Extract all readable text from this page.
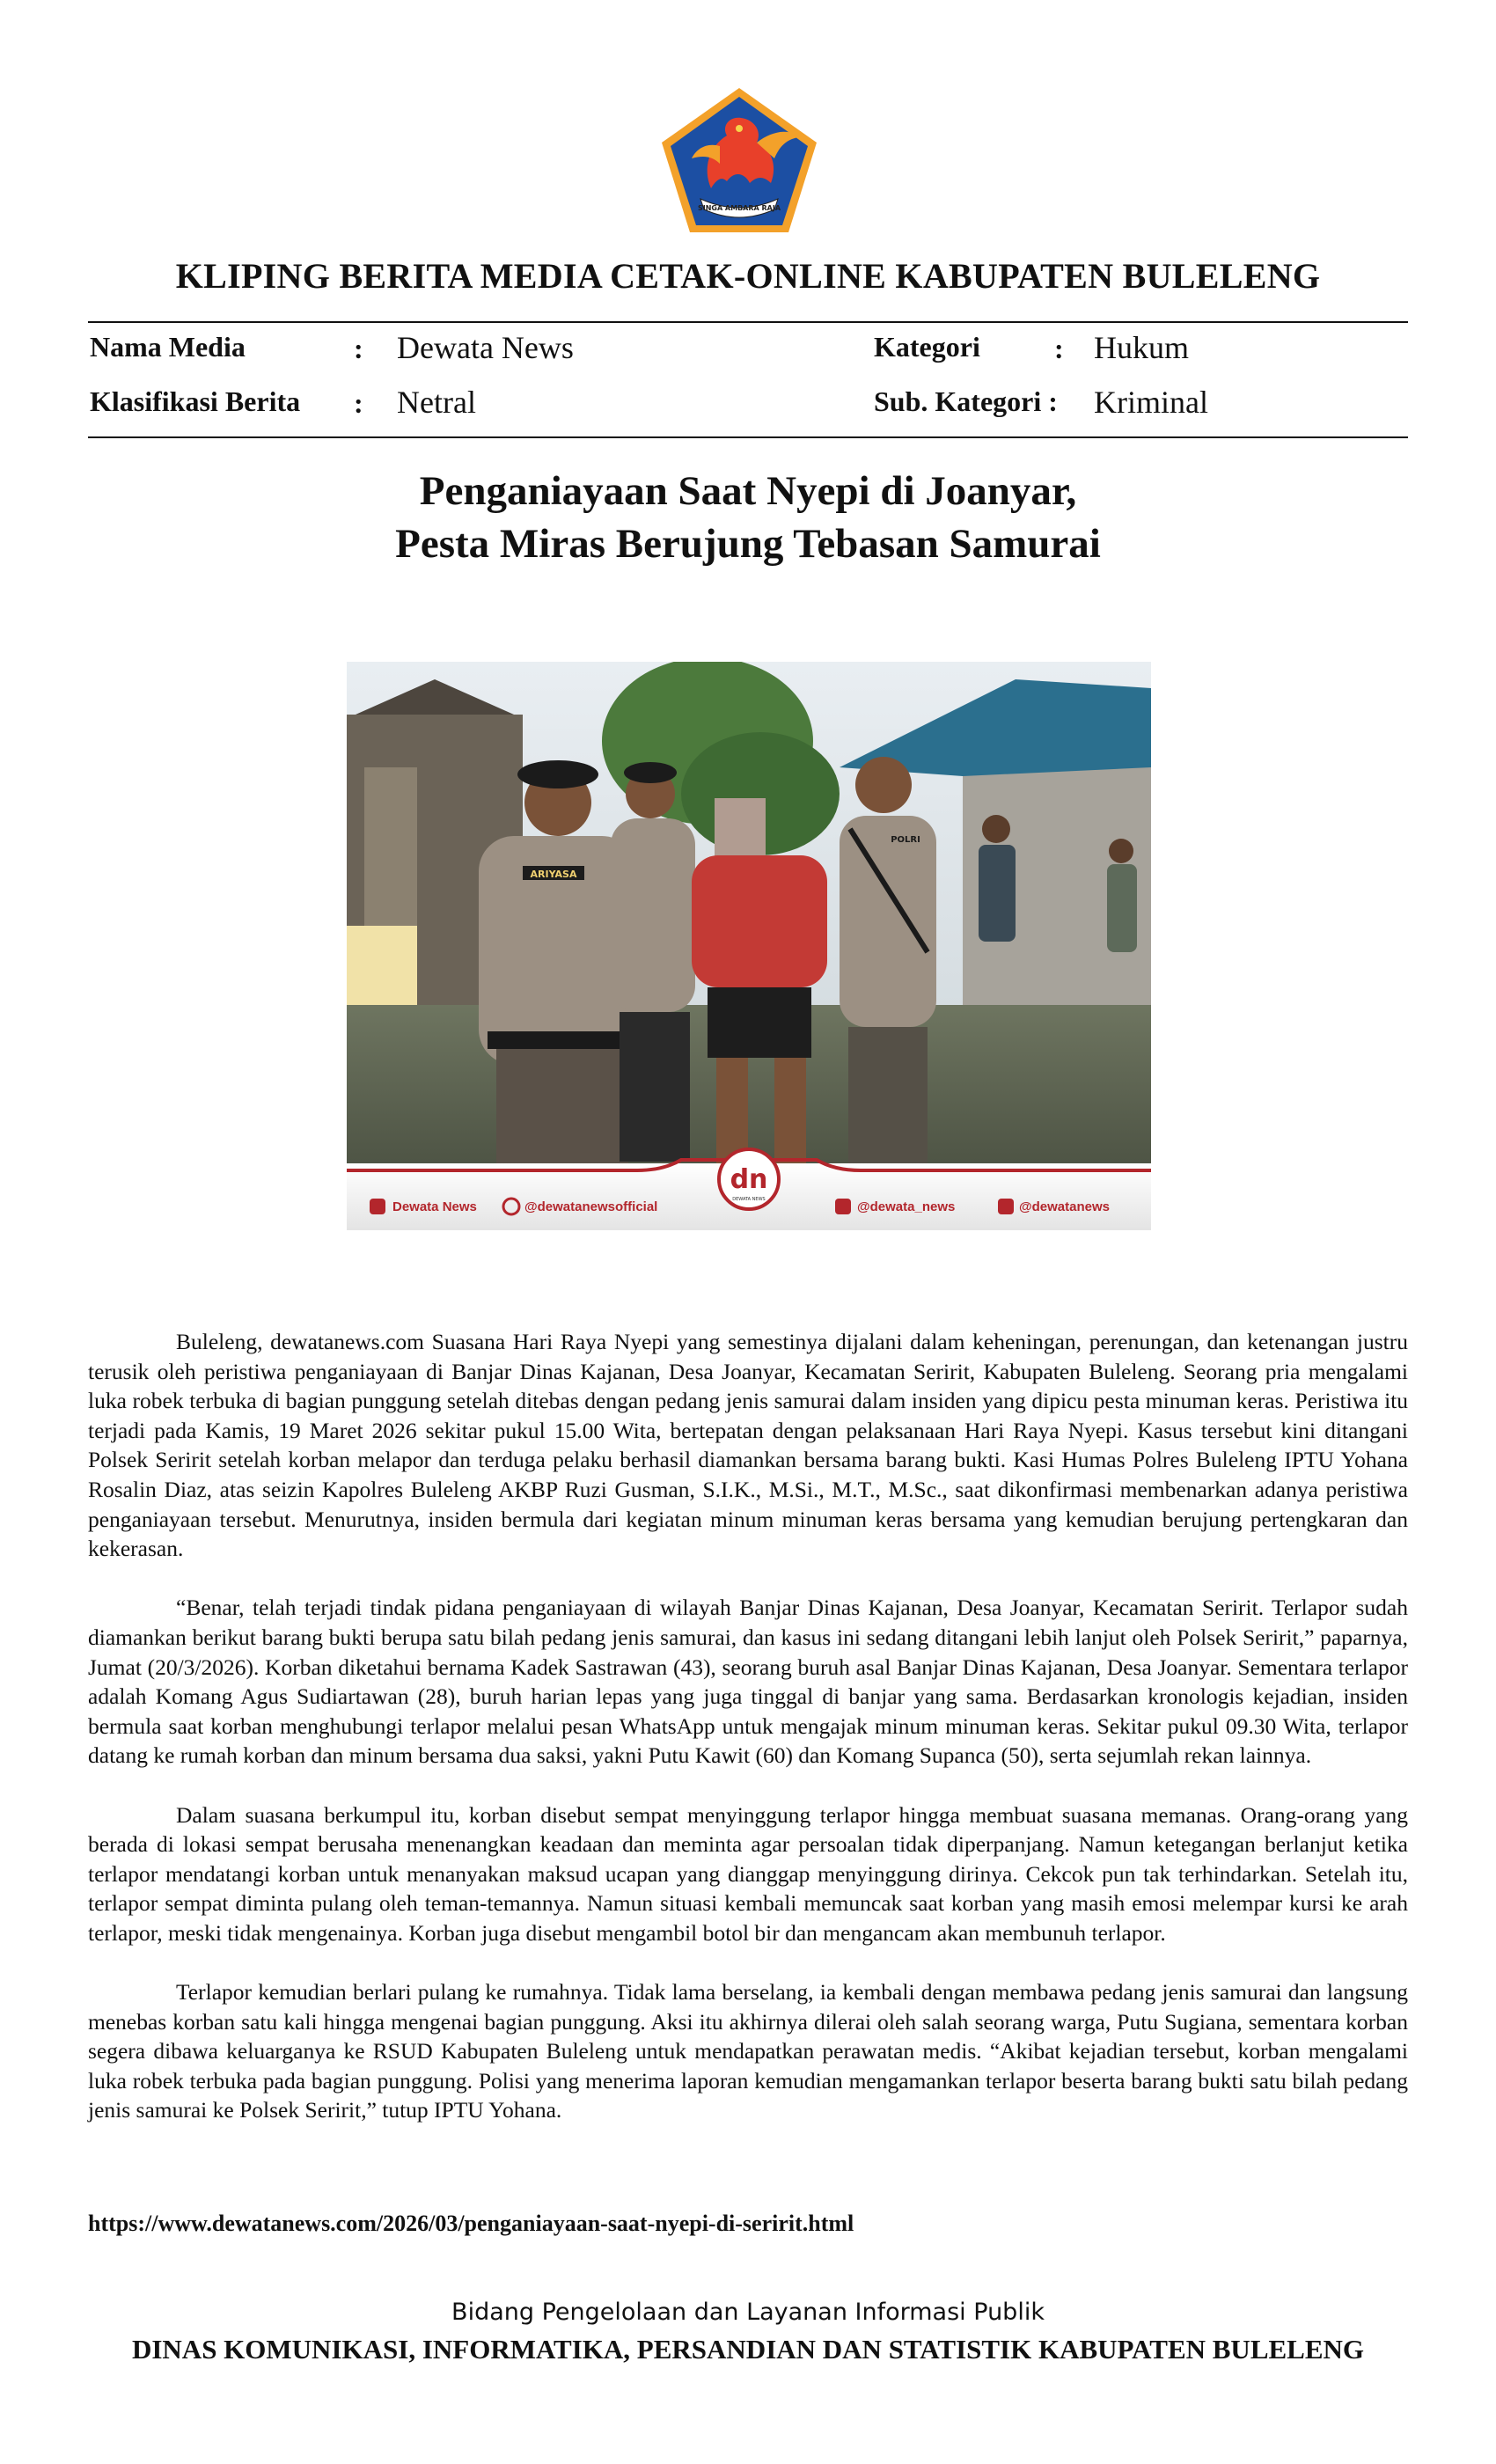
SINGA AMBARA RAJA
KLIPING BERITA MEDIA CETAK-ONLINE KABUPATEN BULELENG
Nama Media	: Dewata News
Klasifikasi Berita : Netral
Kategori	: Hukum
Sub. Kategori : Kriminal
Penganiayaan Saat Nyepi di Joanyar,
Pesta Miras Berujung Tebasan Samurai
ARIYASA
POLRI
dn
DEWATA NEWS
Dewata News	@dewatanewsofficial	@dewata_news	@dewatanews

Buleleng, dewatanews.com Suasana Hari Raya Nyepi yang semestinya dijalani dalam keheningan, perenungan, dan ketenangan justru terusik oleh peristiwa penganiayaan di Banjar Dinas Kajanan, Desa Joanyar, Kecamatan Seririt, Kabupaten Buleleng. Seorang pria mengalami luka robek terbuka di bagian punggung setelah ditebas dengan pedang jenis samurai dalam insiden yang dipicu pesta minuman keras. Peristiwa itu terjadi pada Kamis, 19 Maret 2026 sekitar pukul 15.00 Wita, bertepatan dengan pelaksanaan Hari Raya Nyepi. Kasus tersebut kini ditangani Polsek Seririt setelah korban melapor dan terduga pelaku berhasil diamankan bersama barang bukti. Kasi Humas Polres Buleleng IPTU Yohana Rosalin Diaz, atas seizin Kapolres Buleleng AKBP Ruzi Gusman, S.I.K., M.Si., M.T., M.Sc., saat dikonfirmasi membenarkan adanya peristiwa penganiayaan tersebut. Menurutnya, insiden bermula dari kegiatan minum minuman keras bersama yang kemudian berujung pertengkaran dan kekerasan.

“Benar, telah terjadi tindak pidana penganiayaan di wilayah Banjar Dinas Kajanan, Desa Joanyar, Kecamatan Seririt. Terlapor sudah diamankan berikut barang bukti berupa satu bilah pedang jenis samurai, dan kasus ini sedang ditangani lebih lanjut oleh Polsek Seririt,” paparnya, Jumat (20/3/2026). Korban diketahui bernama Kadek Sastrawan (43), seorang buruh asal Banjar Dinas Kajanan, Desa Joanyar. Sementara terlapor adalah Komang Agus Sudiartawan (28), buruh harian lepas yang juga tinggal di banjar yang sama. Berdasarkan kronologis kejadian, insiden bermula saat korban menghubungi terlapor melalui pesan WhatsApp untuk mengajak minum minuman keras. Sekitar pukul 09.30 Wita, terlapor datang ke rumah korban dan minum bersama dua saksi, yakni Putu Kawit (60) dan Komang Supanca (50), serta sejumlah rekan lainnya.

Dalam suasana berkumpul itu, korban disebut sempat menyinggung terlapor hingga membuat suasana memanas. Orang-orang yang berada di lokasi sempat berusaha menenangkan keadaan dan meminta agar persoalan tidak diperpanjang. Namun ketegangan berlanjut ketika terlapor mendatangi korban untuk menanyakan maksud ucapan yang dianggap menyinggung dirinya. Cekcok pun tak terhindarkan. Setelah itu, terlapor sempat diminta pulang oleh teman-temannya. Namun situasi kembali memuncak saat korban yang masih emosi melempar kursi ke arah terlapor, meski tidak mengenainya. Korban juga disebut mengambil botol bir dan mengancam akan membunuh terlapor.

Terlapor kemudian berlari pulang ke rumahnya. Tidak lama berselang, ia kembali dengan membawa pedang jenis samurai dan langsung menebas korban satu kali hingga mengenai bagian punggung. Aksi itu akhirnya dilerai oleh salah seorang warga, Putu Sugiana, sementara korban segera dibawa keluarganya ke RSUD Kabupaten Buleleng untuk mendapatkan perawatan medis. “Akibat kejadian tersebut, korban mengalami luka robek terbuka pada bagian punggung. Polisi yang menerima laporan kemudian mengamankan terlapor beserta barang bukti satu bilah pedang jenis samurai ke Polsek Seririt,” tutup IPTU Yohana.

https://www.dewatanews.com/2026/03/penganiayaan-saat-nyepi-di-seririt.html
Bidang Pengelolaan dan Layanan Informasi Publik
DINAS KOMUNIKASI, INFORMATIKA, PERSANDIAN DAN STATISTIK KABUPATEN BULELENG
